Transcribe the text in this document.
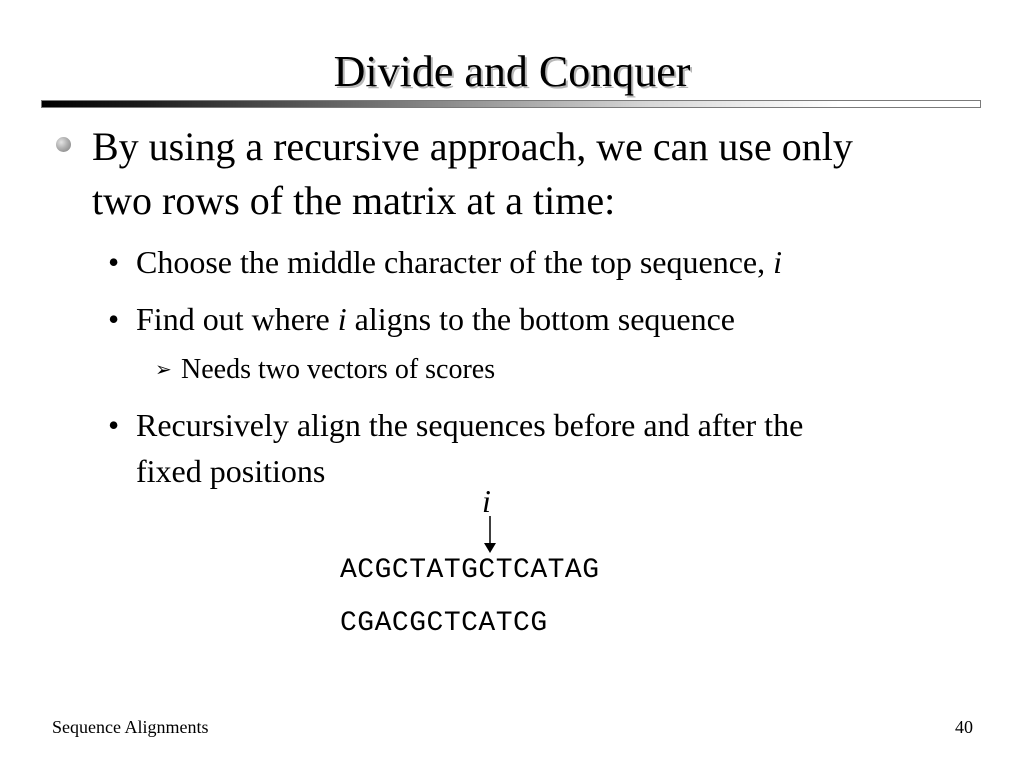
Divide and Conquer
By using a recursive approach, we can use only
two rows of the matrix at a time:
• Choose the middle character of the top sequence, i
• Find out where i aligns to the bottom sequence
➢ Needs two vectors of scores
• Recursively align the sequences before and after the
fixed positions
i
ACGCTATGCTCATAG
CGACGCTCATCG
Sequence Alignments	40
